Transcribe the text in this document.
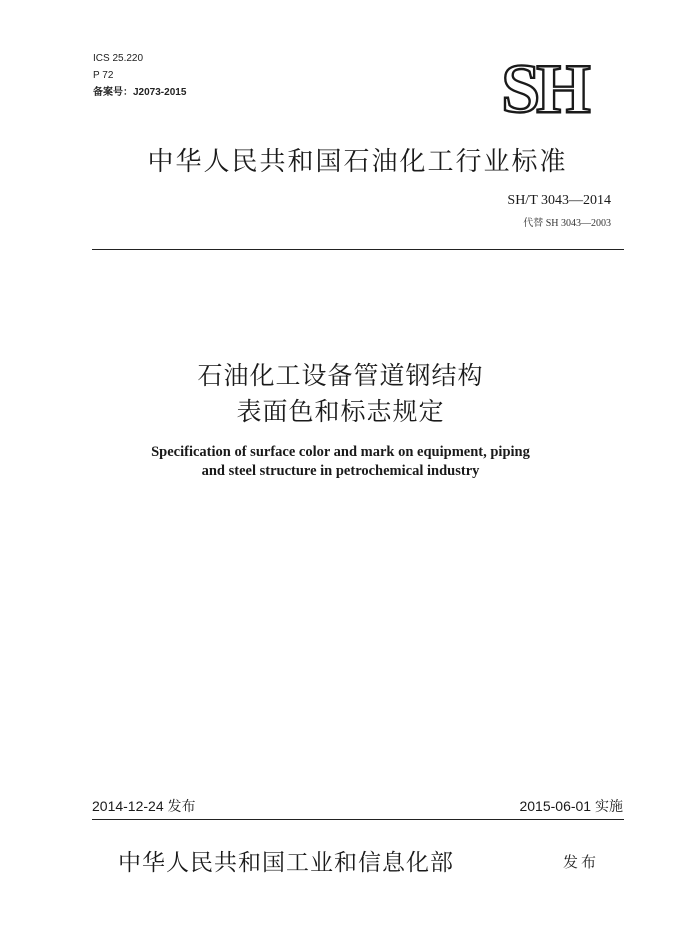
ICS 25.220
P 72
备案号：J2073-2015	SH
中华人民共和国石油化工行业标准
SH/T 3043—2014
代替 SH 3043—2003
石油化工设备管道钢结构
表面色和标志规定
Specification of surface color and mark on equipment, piping
and steel structure in petrochemical industry
2014-12-24 发布	2015-06-01 实施
中华人民共和国工业和信息化部	发布
